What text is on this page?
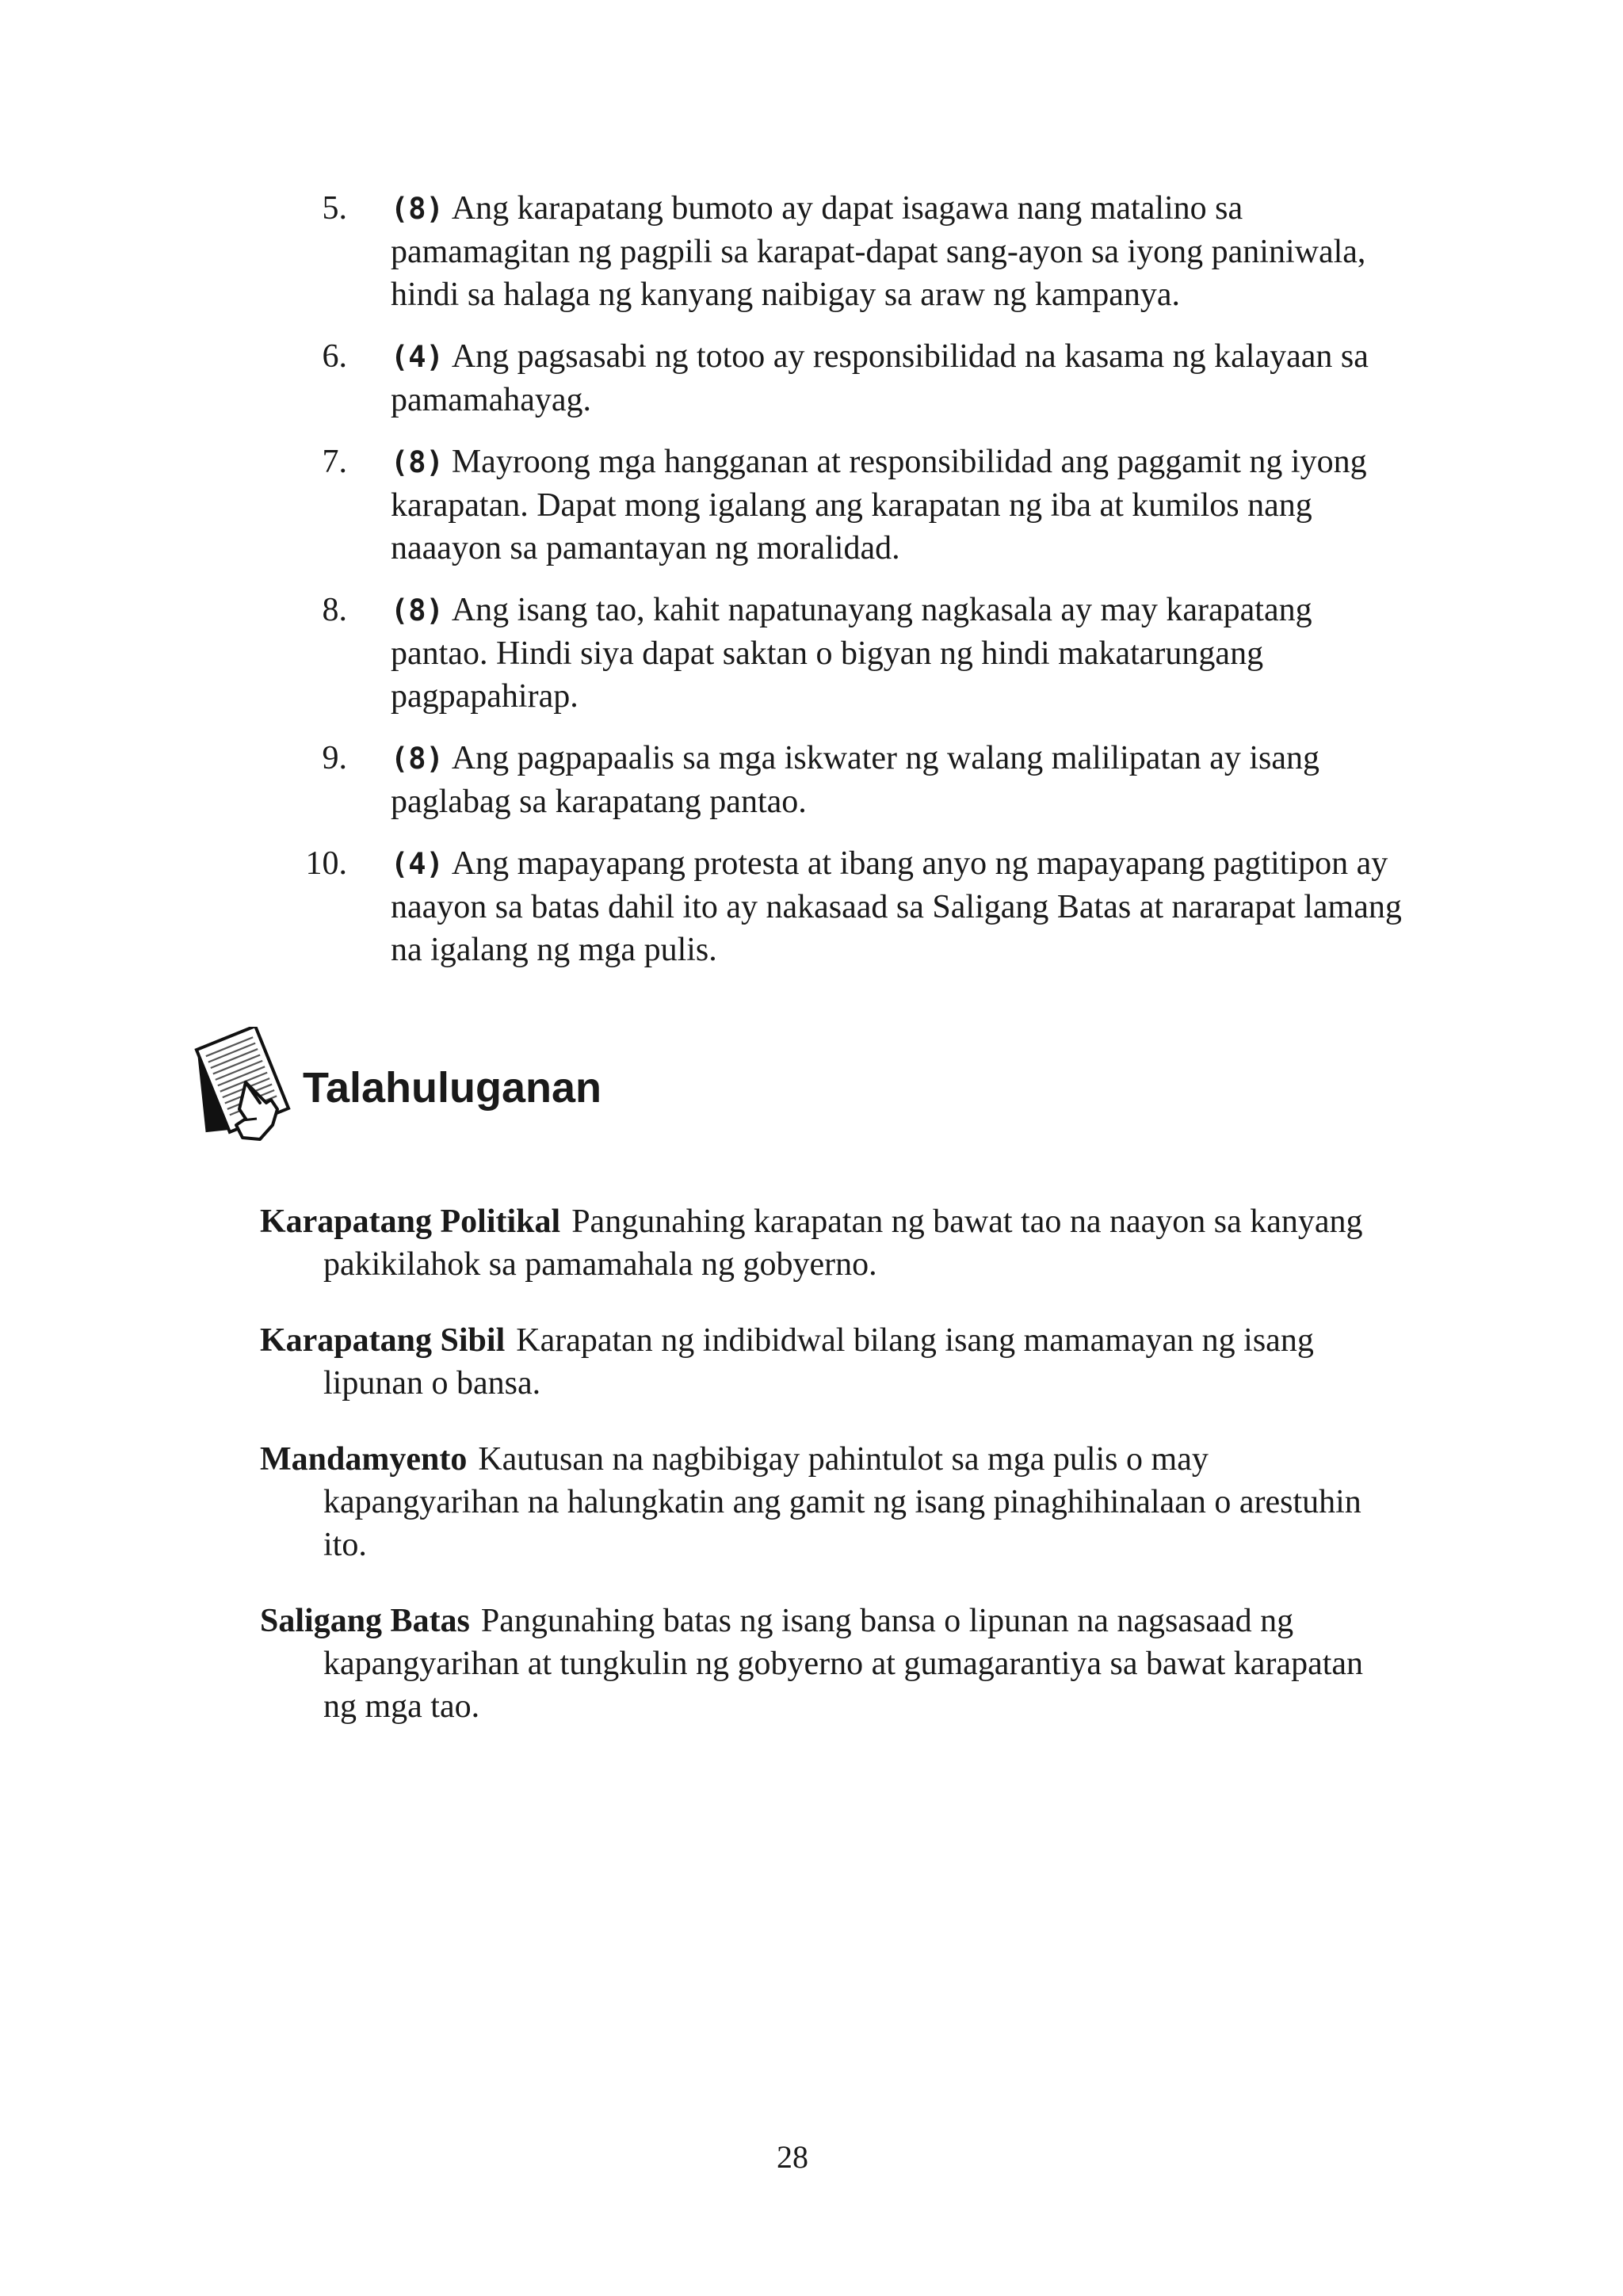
5. (8) Ang karapatang bumoto ay dapat isagawa nang matalino sa pamamagitan ng pagpili sa karapat-dapat sang-ayon sa iyong paniniwala, hindi sa halaga ng kanyang naibigay sa araw ng kampanya.
6. (4) Ang pagsasabi ng totoo ay responsibilidad na kasama ng kalayaan sa pamamahayag.
7. (8) Mayroong mga hangganan at responsibilidad ang paggamit ng iyong karapatan. Dapat mong igalang ang karapatan ng iba at kumilos nang naaayon sa pamantayan ng moralidad.
8. (8) Ang isang tao, kahit napatunayang nagkasala ay may karapatang pantao. Hindi siya dapat saktan o bigyan ng hindi makatarungang pagpapahirap.
9. (8) Ang pagpapaalis sa mga iskwater ng walang malilipatan ay isang paglabag sa karapatang pantao.
10. (4) Ang mapayapang protesta at ibang anyo ng mapayapang pagtitipon ay naayon sa batas dahil ito ay nakasaad sa Saligang Batas at nararapat lamang na igalang ng mga pulis.
Talahuluganan

Karapatang Politikal Pangunahing karapatan ng bawat tao na naayon sa kanyang pakikilahok sa pamamahala ng gobyerno.

Karapatang Sibil Karapatan ng indibidwal bilang isang mamamayan ng isang lipunan o bansa.

Mandamyento Kautusan na nagbibigay pahintulot sa mga pulis o may kapangyarihan na halungkatin ang gamit ng isang pinaghihinalaan o arestuhin ito.

Saligang Batas Pangunahing batas ng isang bansa o lipunan na nagsasaad ng kapangyarihan at tungkulin ng gobyerno at gumagarantiya sa bawat karapatan ng mga tao.

28
